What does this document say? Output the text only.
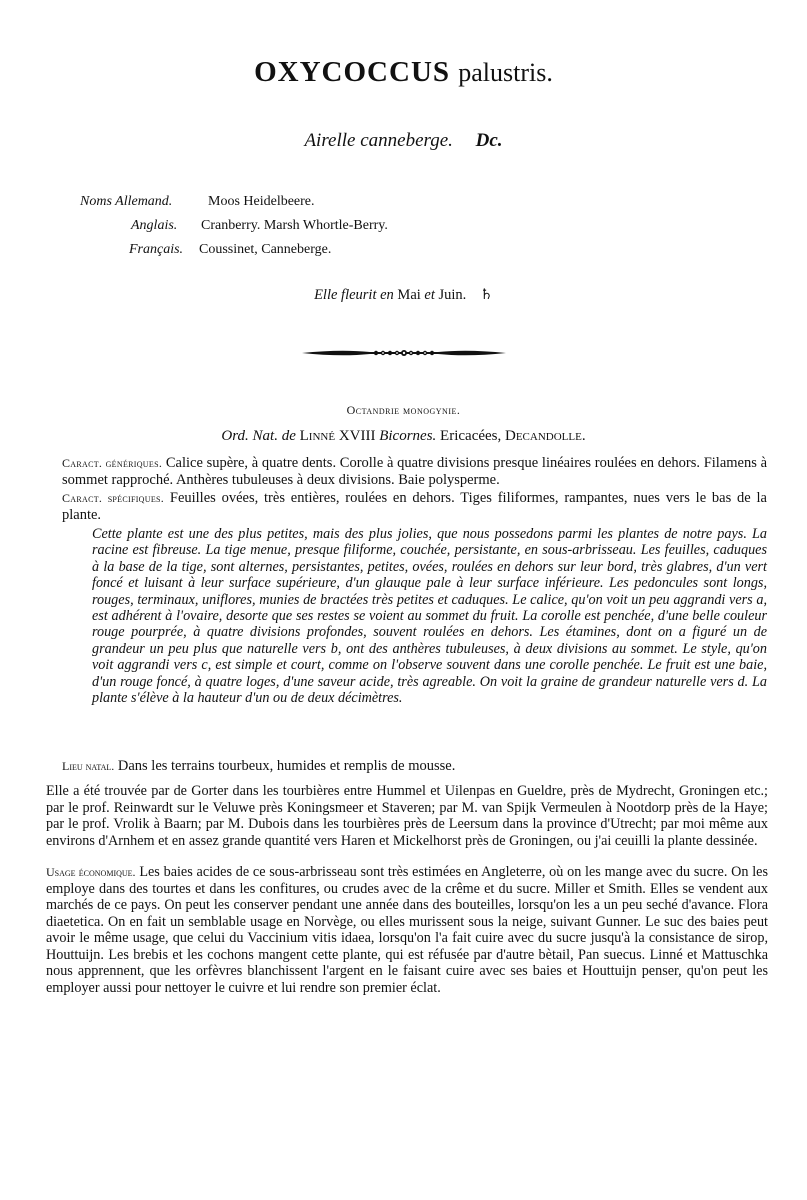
OXYCOCCUS palustris.
Airelle canneberge. Dc.
Noms Allemand.	Moos Heidelbeere.
Anglais. Cranberry. Marsh Whortle-Berry.
Français. Coussinet, Canneberge.
Elle fleurit en Mai et Juin. ♄
Octandrie monogynie.
Ord. Nat. de Linné XVIII Bicornes. Ericacées, Decandolle.
Caract. génériques. Calice supère, à quatre dents. Corolle à quatre divisions presque linéaires roulées en dehors. Filamens à sommet rapproché. Anthères tubuleuses à deux divisions. Baie polysperme.
Caract. spécifiques. Feuilles ovées, très entières, roulées en dehors. Tiges filiformes, rampantes, nues vers le bas de la plante.
Cette plante est une des plus petites, mais des plus jolies, que nous possedons parmi les plantes de notre pays. La racine est fibreuse. La tige menue, presque filiforme, couchée, persistante, en sous-arbrisseau. Les feuilles, caduques à la base de la tige, sont alternes, persistantes, petites, ovées, roulées en dehors sur leur bord, très glabres, d'un vert foncé et luisant à leur surface supérieure, d'un glauque pale à leur surface inférieure. Les pedoncules sont longs, rouges, terminaux, uniflores, munies de bractées très petites et caduques. Le calice, qu'on voit un peu aggrandi vers a, est adhérent à l'ovaire, desorte que ses restes se voient au sommet du fruit. La corolle est penchée, d'une belle couleur rouge pourprée, à quatre divisions profondes, souvent roulées en dehors. Les étamines, dont on a figuré un de grandeur un peu plus que naturelle vers b, ont des anthères tubuleuses, à deux divisions au sommet. Le style, qu'on voit aggrandi vers c, est simple et court, comme on l'observe souvent dans une corolle penchée. Le fruit est une baie, d'un rouge foncé, à quatre loges, d'une saveur acide, très agreable. On voit la graine de grandeur naturelle vers d. La plante s'élève à la hauteur d'un ou de deux décimètres.
Lieu natal. Dans les terrains tourbeux, humides et remplis de mousse.
Elle a été trouvée par de Gorter dans les tourbières entre Hummel et Uilenpas en Gueldre, près de Mydrecht, Groningen etc.; par le prof. Reinwardt sur le Veluwe près Koningsmeer et Staveren; par M. van Spijk Vermeulen à Nootdorp près de la Haye; par le prof. Vrolik à Baarn; par M. Dubois dans les tourbières près de Leersum dans la province d'Utrecht; par moi même aux environs d'Arnhem et en assez grande quantité vers Haren et Mickelhorst près de Groningen, ou j'ai ceuilli la plante dessinée.
Usage économique. Les baies acides de ce sous-arbrisseau sont très estimées en Angleterre, où on les mange avec du sucre. On les employe dans des tourtes et dans les confitures, ou crudes avec de la crême et du sucre. Miller et Smith. Elles se vendent aux marchés de ce pays. On peut les conserver pendant une année dans des bouteilles, lorsqu'on les a un peu seché d'avance. Flora diaetetica. On en fait un semblable usage en Norvège, ou elles murissent sous la neige, suivant Gunner. Le suc des baies peut avoir le même usage, que celui du Vaccinium vitis idaea, lorsqu'on l'a fait cuire avec du sucre jusqu'à la consistance de sirop, Houttuijn. Les brebis et les cochons mangent cette plante, qui est réfusée par d'autre bètail, Pan suecus. Linné et Mattuschka nous apprennent, que les orfèvres blanchissent l'argent en le faisant cuire avec ses baies et Houttuijn penser, qu'on peut les employer aussi pour nettoyer le cuivre et lui rendre son premier éclat.
